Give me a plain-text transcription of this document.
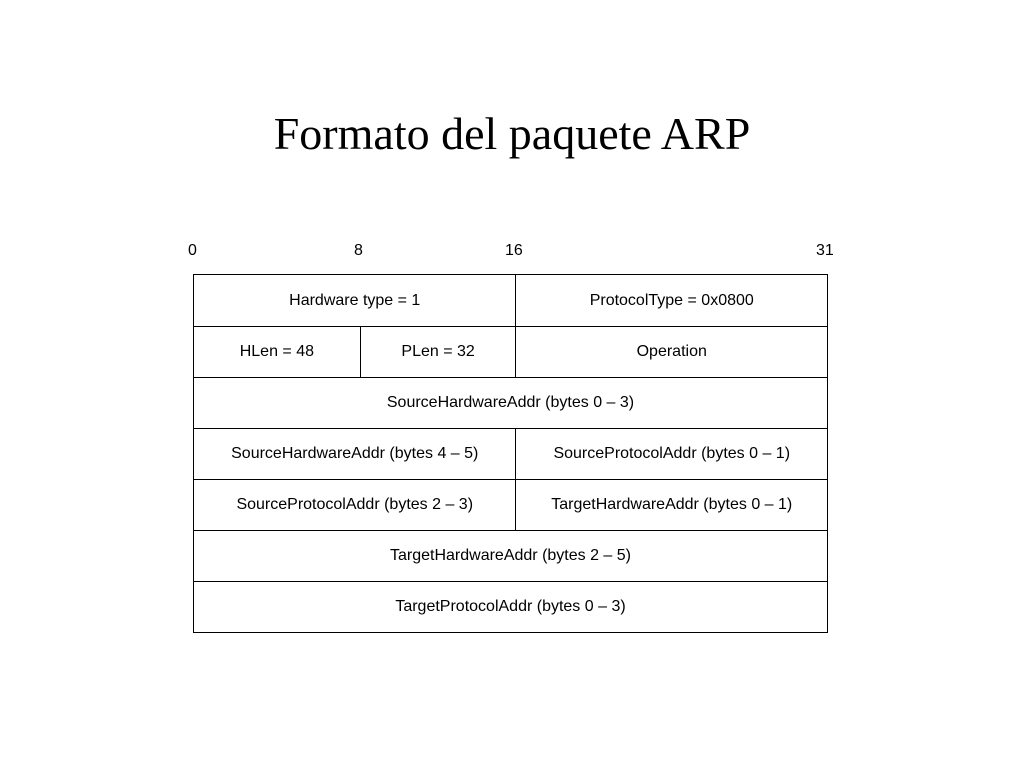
Formato del paquete ARP
0	8	16	31
Hardware type = 1	ProtocolType = 0x0800
HLen = 48	PLen = 32	Operation
SourceHardwareAddr (bytes 0 – 3)
SourceHardwareAddr (bytes 4 – 5)	SourceProtocolAddr (bytes 0 – 1)
SourceProtocolAddr (bytes 2 – 3)	TargetHardwareAddr (bytes 0 – 1)
TargetHardwareAddr (bytes 2 – 5)
TargetProtocolAddr (bytes 0 – 3)
